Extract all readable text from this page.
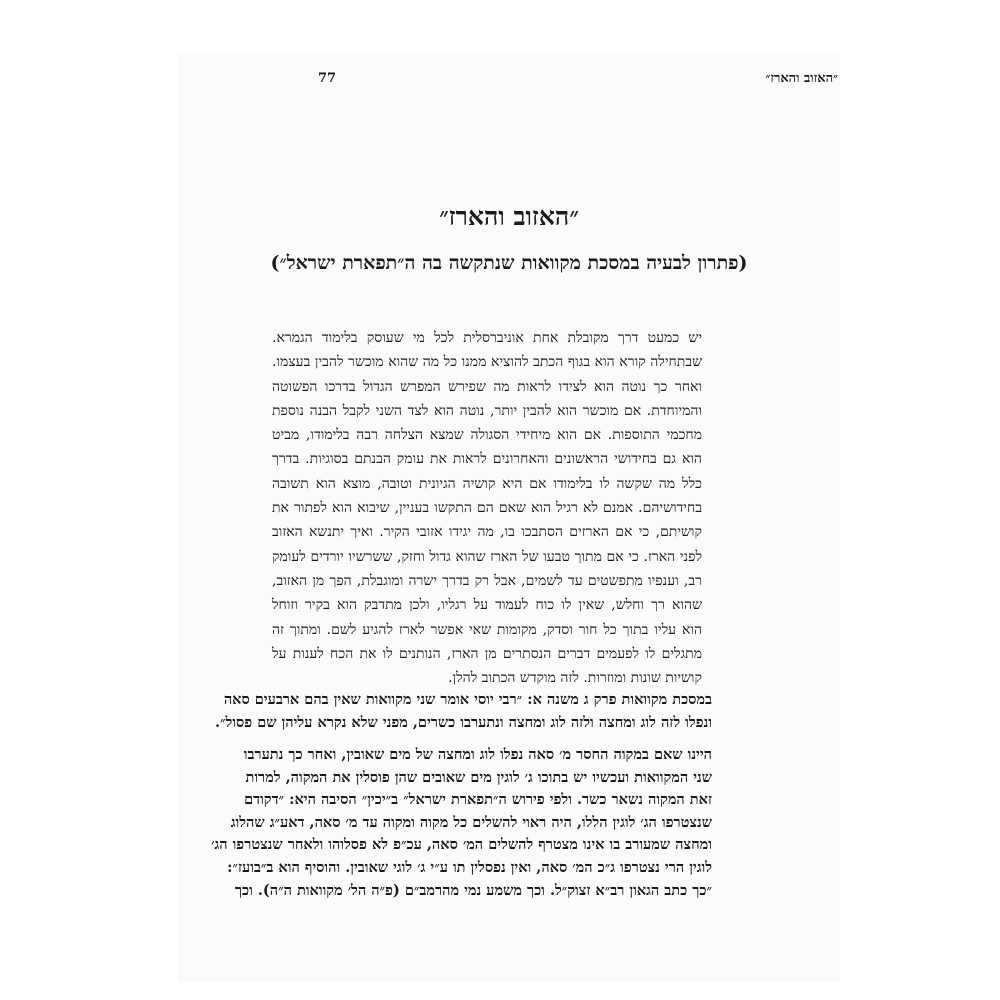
77	״האזוב והארז״
״האזוב והארז״
(פתרון לבעיה במסכת מקוואות שנתקשה בה ה״תפארת ישראל״)
יש כמעט דרך מקובלת אחת אוניברסלית לכל מי שעוסק בלימוד הגמרא.
שבתחילה קורא הוא בגוף הכתב להוציא ממנו כל מה שהוא מוכשר להבין בעצמו.
ואחר כך נוטה הוא לצידו לראות מה שפירש המפרש הגדול בדרכו הפשוטה
והמיוחדת. אם מוכשר הוא להבין יותר, נוטה הוא לצד השני לקבל הבנה נוספת
מחכמי התוספות. אם הוא מיחידי הסגולה שמצא הצלחה רבה בלימודו, מביט
הוא גם בחידושי הראשונים והאחרונים לראות את עומק הבנתם בסוגיות. בדרך
כלל מה שקשה לו בלימודו אם היא קושיה הגיונית וטובה, מוצא הוא תשובה
בחידושיהם. אמנם לא רגיל הוא שאם הם התקשו בעניין, שיבוא הוא לפתור את
קושיתם, כי אם הארזים הסתבכו בו, מה יגידו אזובי הקיר. ואיך יתנשא האזוב
לפני הארז. כי אם מתוך טבעו של הארז שהוא גדול וחזק, ששרשיו יורדים לעומק
רב, וענפיו מתפשטים עד לשמים, אבל רק בדרך ישרה ומוגבלת, הפך מן האזוב,
שהוא רך וחלש, שאין לו כוח לעמוד על רגליו, ולכן מתדבק הוא בקיר וזוחל
הוא עליו בתוך כל חור וסדק, מקומות שאי אפשר לארז להגיע לשם. ומתוך זה
מתגלים לו לפעמים דברים הנסתרים מן הארז, הנותנים לו את הכח לענות על
קושיות שונות ומוזרות. לזה מוקדש הכתוב להלן.
במסכת מקוואות פרק ג משנה א: ״רבי יוסי אומר שני מקוואות שאין בהם ארבעים סאה
ונפלו לזה לוג ומחצה ולזה לוג ומחצה ונתערבו כשרים, מפני שלא נקרא עליהן שם פסול״.
היינו שאם במקוה החסר מ׳ סאה נפלו לוג ומחצה של מים שאובין, ואחר כך נתערבו
שני המקוואות ועכשיו יש בתוכו ג׳ לוגין מים שאובים שהן פוסלין את המקוה, למרות
זאת המקוה נשאר כשר. ולפי פירוש ה״תפארת ישראל״ ב״יכין״ הסיבה היא: ״דקודם
שנצטרפו הג׳ לוגין הללו, היה ראוי להשלים כל מקוה ומקוה עד מ׳ סאה, דאע״ג שהלוג
ומחצה שמעורב בו אינו מצטרף להשלים המ׳ סאה, עכ״פ לא פסלוהו ולאחר שנצטרפו הג׳
לוגין הרי נצטרפו ג״כ המ׳ סאה, ואין נפסלין תו ע״י ג׳ לוגי שאובין. והוסיף הוא ב״בועז״:
״כך כתב הגאון רב״א זצוק״ל. וכך משמע נמי מהרמב״ם (פ״ה הל׳ מקוואות ה״ה). וכך
